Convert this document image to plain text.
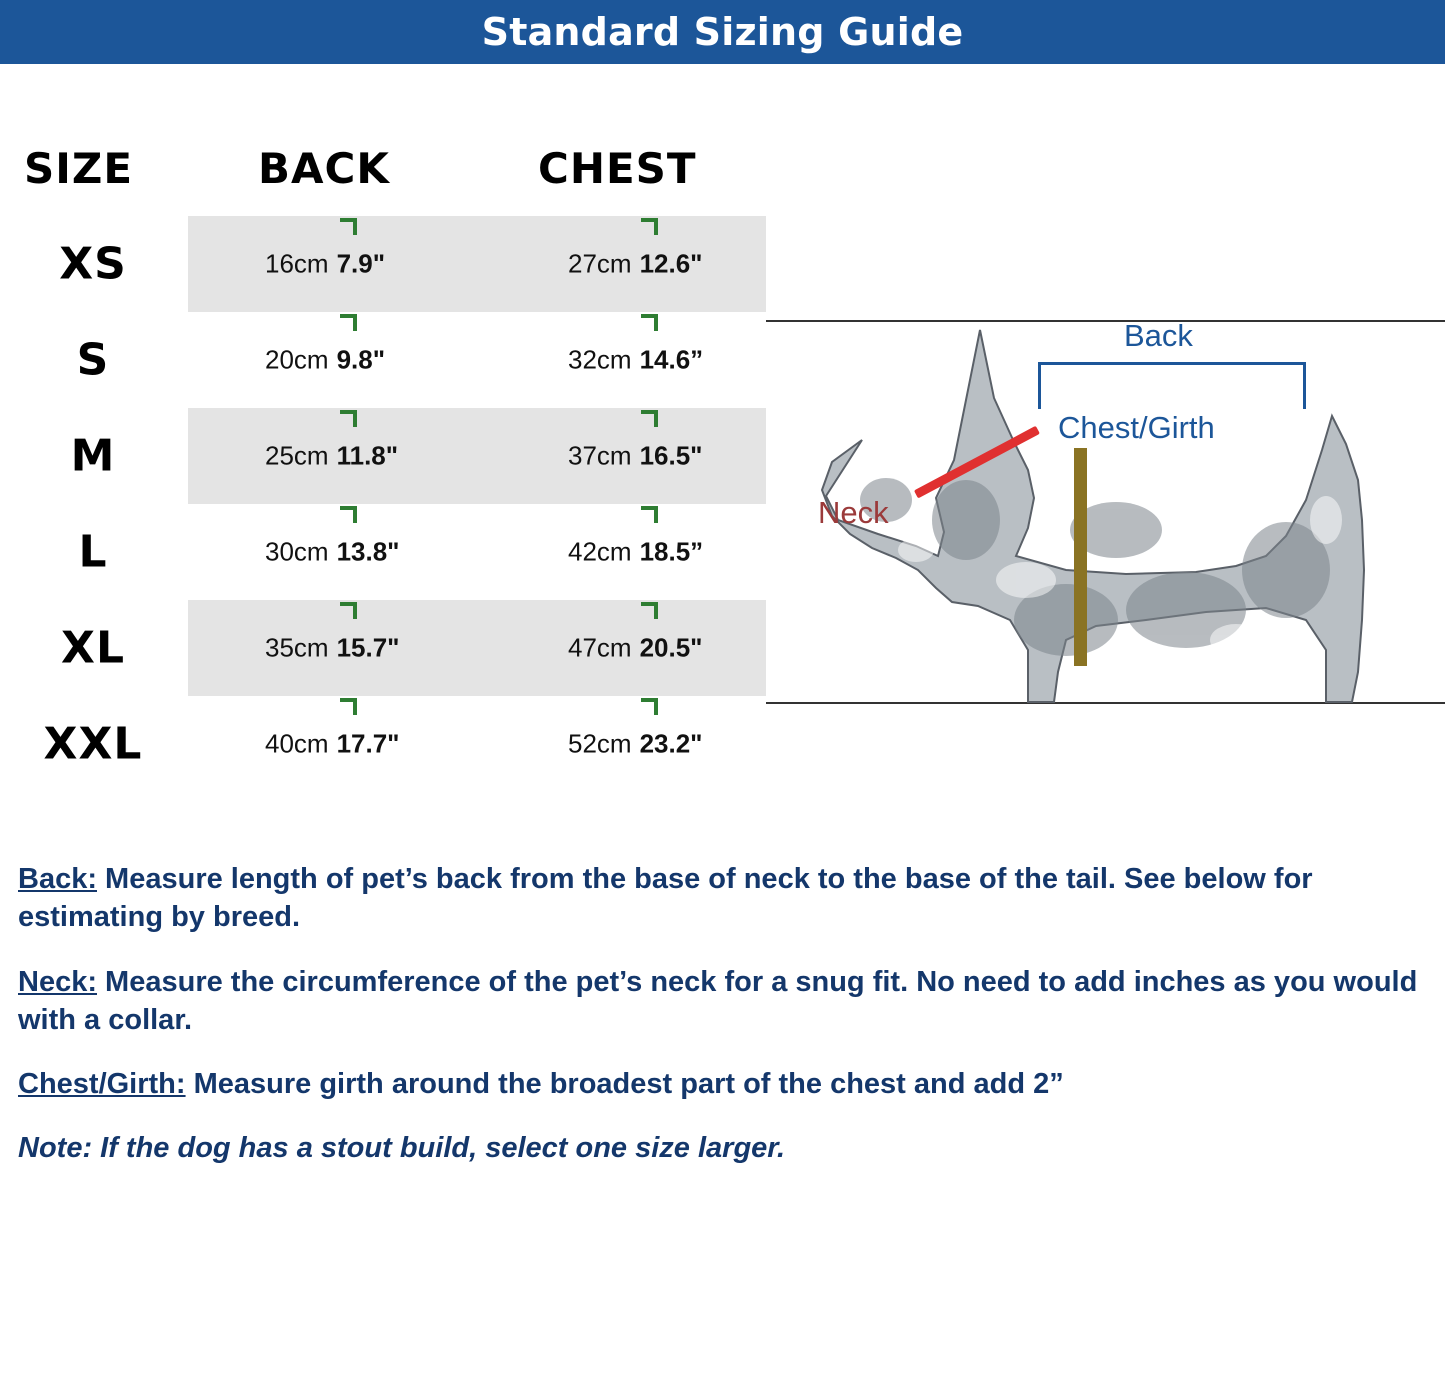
Standard Sizing Guide
SIZE	BACK	CHEST
XS	16cm 7.9"	27cm 12.6"
S	20cm 9.8"	32cm 14.6”
M	25cm 11.8"	37cm 16.5"
L	30cm 13.8"	42cm 18.5”
XL	35cm 15.7"	47cm 20.5"
XXL	40cm 17.7"	52cm 23.2"
Back
Chest/Girth
Neck
Back: Measure length of pet’s back from the base of neck to the base of the tail. See below for estimating by breed.
Neck: Measure the circumference of the pet’s neck for a snug fit. No need to add inches as you would with a collar.
Chest/Girth: Measure girth around the broadest part of the chest and add 2”
Note: If the dog has a stout build, select one size larger.
